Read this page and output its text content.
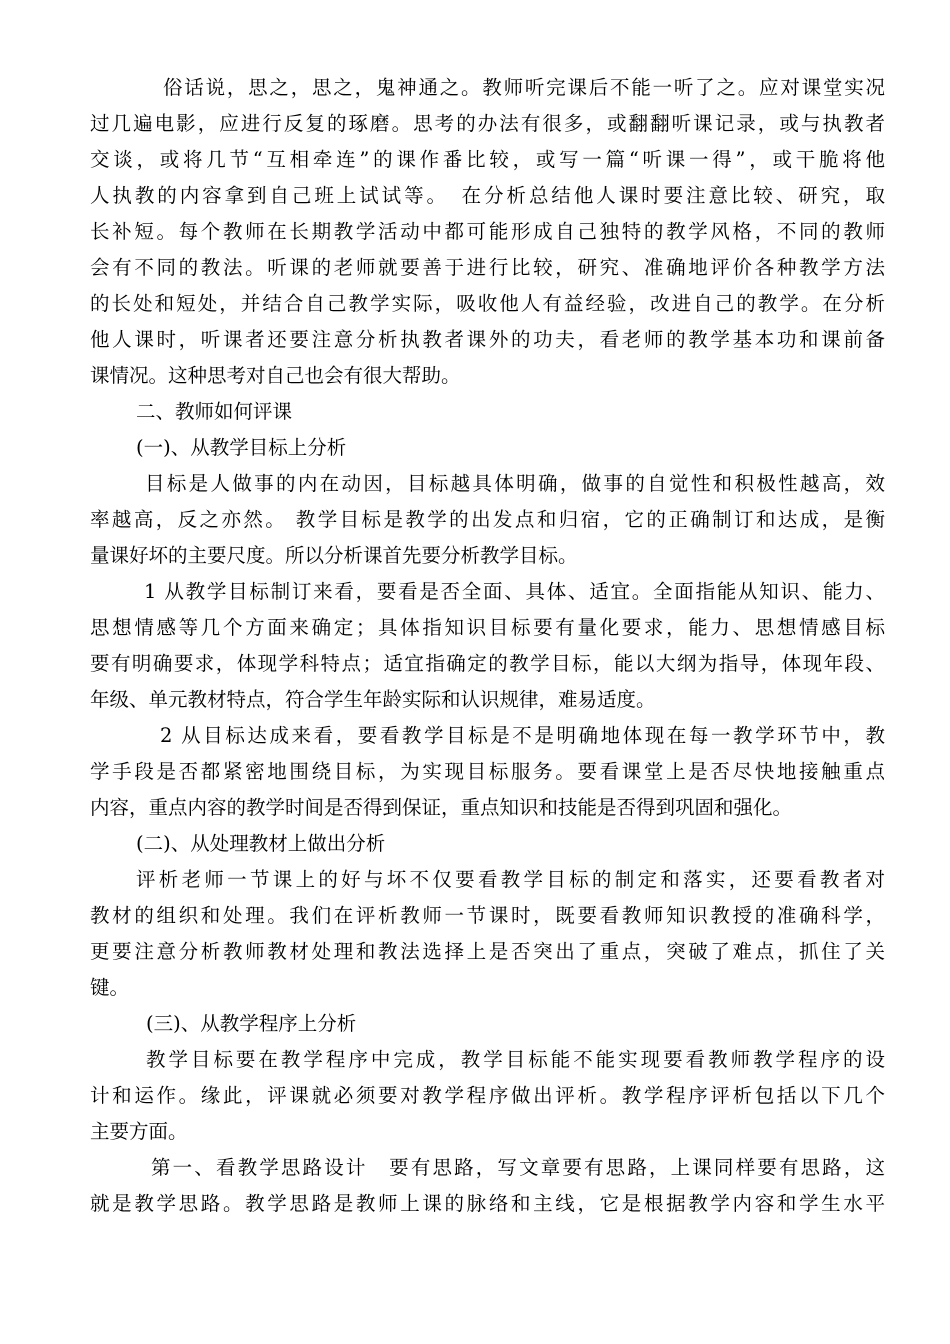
俗话说，思之，思之，鬼神通之。教师听完课后不能一听了之。应对课堂实况
过几遍电影，应进行反复的琢磨。思考的办法有很多，或翻翻听课记录，或与执教者
交谈，或将几节“互相牵连”的课作番比较，或写一篇“听课一得”，或干脆将他
人执教的内容拿到自己班上试试等。　在分析总结他人课时要注意比较、研究，取
长补短。每个教师在长期教学活动中都可能形成自己独特的教学风格，不同的教师
会有不同的教法。听课的老师就要善于进行比较，研究、准确地评价各种教学方法
的长处和短处，并结合自己教学实际，吸收他人有益经验，改进自己的教学。在分析
他人课时，听课者还要注意分析执教者课外的功夫，看老师的教学基本功和课前备
课情况。这种思考对自己也会有很大帮助。
二、教师如何评课
(一)、从教学目标上分析
目标是人做事的内在动因，目标越具体明确，做事的自觉性和积极性越高，效
率越高，反之亦然。 教学目标是教学的出发点和归宿，它的正确制订和达成，是衡
量课好坏的主要尺度。所以分析课首先要分析教学目标。
1 从教学目标制订来看，要看是否全面、具体、适宜。全面指能从知识、能力、
思想情感等几个方面来确定；具体指知识目标要有量化要求，能力、思想情感目标
要有明确要求，体现学科特点；适宜指确定的教学目标，能以大纲为指导，体现年段、
年级、单元教材特点，符合学生年龄实际和认识规律，难易适度。
2 从目标达成来看，要看教学目标是不是明确地体现在每一教学环节中，教
学手段是否都紧密地围绕目标，为实现目标服务。要看课堂上是否尽快地接触重点
内容，重点内容的教学时间是否得到保证，重点知识和技能是否得到巩固和强化。
(二)、从处理教材上做出分析
评析老师一节课上的好与坏不仅要看教学目标的制定和落实，还要看教者对
教材的组织和处理。我们在评析教师一节课时，既要看教师知识教授的准确科学，
更要注意分析教师教材处理和教法选择上是否突出了重点，突破了难点，抓住了关
键。
(三)、从教学程序上分析
教学目标要在教学程序中完成，教学目标能不能实现要看教师教学程序的设
计和运作。缘此，评课就必须要对教学程序做出评析。教学程序评析包括以下几个
主要方面。
第一、看教学思路设计　要有思路，写文章要有思路，上课同样要有思路，这
就是教学思路。教学思路是教师上课的脉络和主线，它是根据教学内容和学生水平
